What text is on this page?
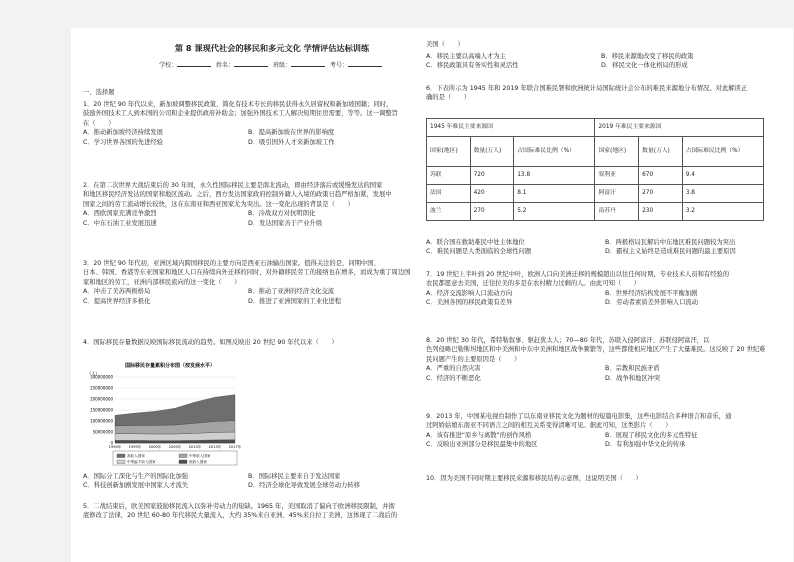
第 8 课现代社会的移民和多元文化 学情评估达标训练
学校：	姓名：	班级：	考号：
一、选择题

1．20 世纪 90 年代以来，新加坡调整移民政策，简化有技术专长的移民获得永久居留权和新加坡国籍；同时，

鼓励外国技术工人到本国的公司和企业提供政府补助金；加强外国技术工人解决短期住房需要，等等。这一调整旨

在（　　）

A．推动新加坡经济持续发展	B．提高新加坡在世界的影响度
C．学习世界各国的先进经验	D．吸引国外人才来新加坡工作

2．在第二次世界大战结束后的 30 年间，永久性国际移民主要是南北流动，即由经济落后或缓慢发达的国家

和地区移民经济发达的国家和地区流动。之后，西方发达国家政府控制外籍人入境的政策日趋严格加紧，发展中

国家之间的劳工流动增长较快，这在东南亚和西亚国家尤为突出。这一变化出现的背景是（　　）

A．西欧国家充满竞争激烈	B．冷战双方对抗明朗化
C．中东石油工业发展迅速	D．发达国家善于产业升级

3．20 世纪 90 年代初，亚洲区域内跨国移民的主要方向是西亚石油输出国家。值得关注的是，同期中国、

日本、韩国、香港等东亚国家和地区人口在持续向外迁移的同时，对外籍移民劳工的接纳也在增多，而成为重了周边国

家和地区的劳工，亚洲内部移民流向的这一变化（　　）

A．冲击了美苏两极格局	B．推动了亚洲的经济文化交流
C．提高世界经济多极化	D．推进了亚洲国家的工业化进程
4．国际移民存量数据反映国际移民流动的趋势。如图反映出 20 世纪 90 年代以来（　　）
国际移民存量累积分布图（按发展水平）
（人）
300000000
250000000
200000000
150000000
100000000
50000000
0
1990年 1995年 2000年 2005年 2010年 2015年 2017年
高收入国家	中等收入国家
中等偏下收入国家	低收入国家
A．国际分工深化与生产的国际化加强	B．国际移民主要来自于发达国家
C．科技创新加剧发展中国家人才流失	D．经济全球化导致发展全球劳动力转移

5．二战结束后，欧美国家鼓励移民流入以弥补劳动力的短缺。1965 年，美国取消了偏向于欧洲移民限制，并彻

底修改了法律，20 世纪 60-80 年代移民大量流入，大约 35%来自亚洲、45%来自拉丁美洲，这体现了二战后的

美国（　　）
A．移民主要以高端人才为主	B．移民来源地改变了移民的政策
C．移民政策具有务实性和灵活性	D．移民文化一体化格局的形成

6．下表所示为 1945 年和 2019 年联合国难民署和欧洲统计局国际统计会公布的难民来源地分布情况。对此解读正

确的是（　　）

1945 年难民主要来源国			2019 年难民主要来源国		
国家(地区)	数量(万人)	占国际难民比例（%）	国家(地区)	数量(万人)	占国际难民比例（%）
苏联	720	13.8	叙利亚	670	9.4
法国	420	8.1	阿富汗	270	3.8
波兰	270	5.2	南苏丹	230	3.2
A．联合国在救助难民中处主体地位	B．两极格局瓦解后中东地区难民问题较为突出
C．难民问题是人类面临的全球性问题	D．霸权主义始终是造成难民问题的最主要原因

7．19 世纪上半叶到 20 世纪中叶，欧洲人口向美洲迁移的规模超出以往任何时期，专业技术人员和有经验的

农民都愿意去美国，迁往拉美的多是在农村精力过剩的人。由此可知（　　）

A．经济交流影响人口流动方向	B．世界经济结构发展不平衡加剧
C．美洲各国的移民政策有差异	D．劳动者素质差异影响人口流动

8．20 世纪 30 年代，希特勒叙事、驱赶犹太人；70—80 年代，苏联入侵阿富汗、苏联侵阿富汗，以

色列侵略巴勒斯坦地区和中美洲和中东中美洲和地区战争频繁等，这些都使相应地区产生了大量难民。这反映了 20 世纪难

民问题产生的主要原因是（　　）

A．严重的自然灾害	B．宗教和民族矛盾
C．经济的不断恶化	D．战争和地区冲突

9．2013 年，中国某电视台制作了以东南亚移民文化为题材的短篇电影集，这些电影结合多种语言和音乐，通

过阿娇姑娘东南亚不同语言之间的相互关系变得清晰可见。据此可知，这类影片（　　）

A．该有推进“原乡与离散”的创作风格	B．展现了移民文化的多元性特征
C．反映出亚洲部分是移民最集中的地区	D．有利加强中华文化的传承
10．因为美国不同时期主要移民来源和移民结构示意图，这说明美国（　　）
